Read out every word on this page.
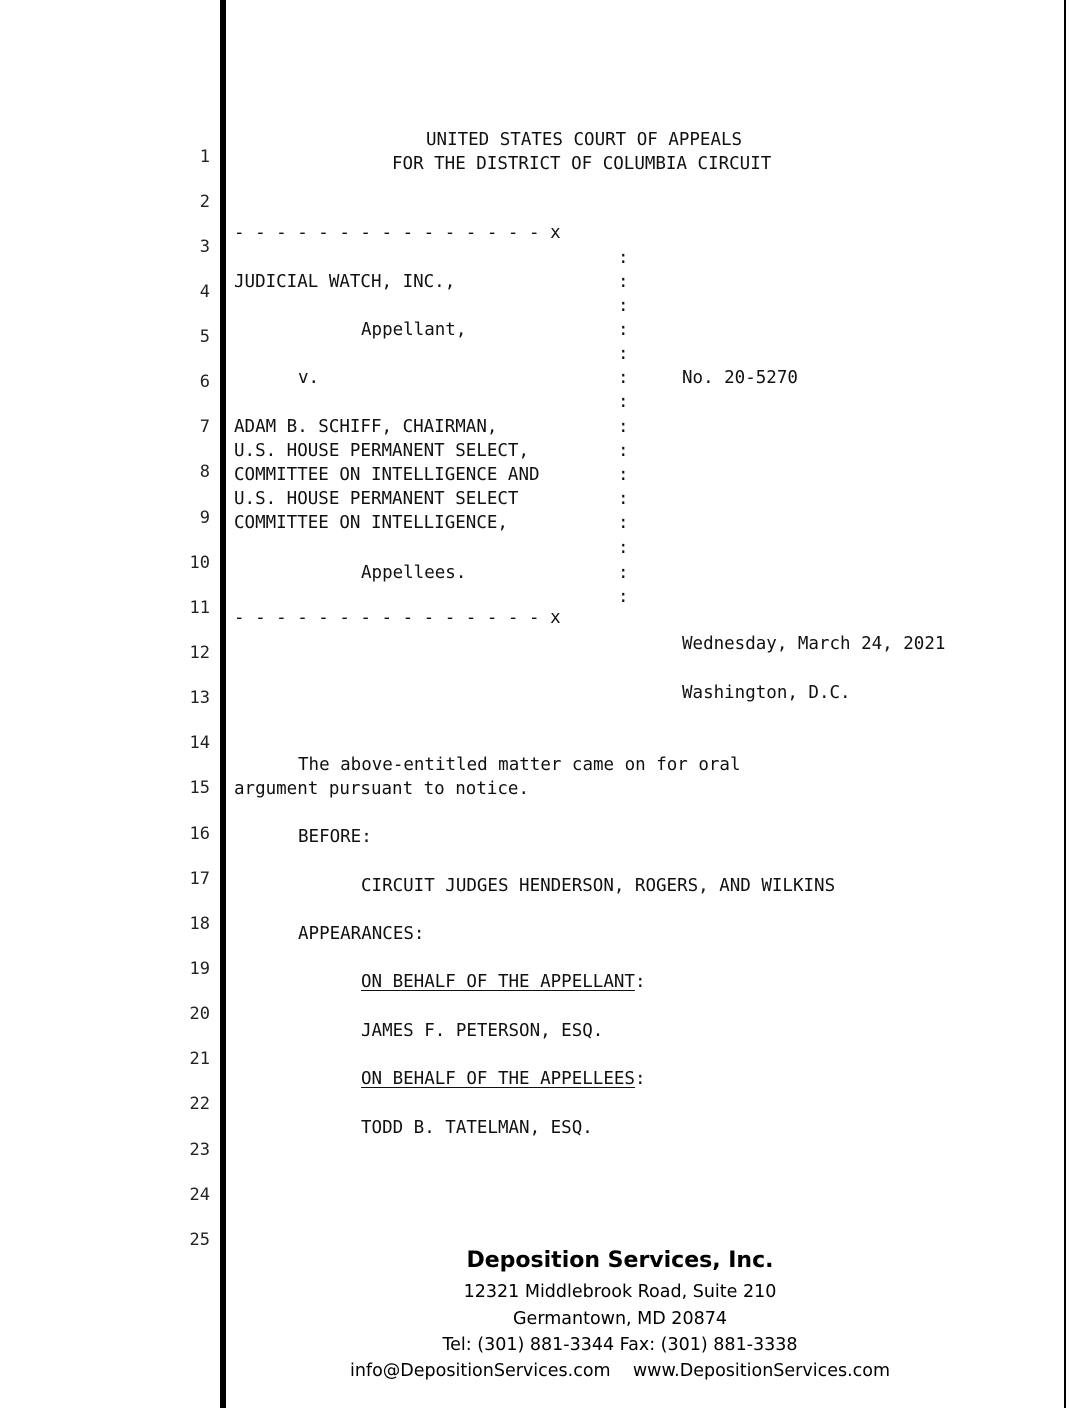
1
2
3
4
5
6
7
8
9
10
11
12
13
14
15
16
17
18
19
20
21
22
23
24
25
UNITED STATES COURT OF APPEALS
FOR THE DISTRICT OF COLUMBIA CIRCUIT
- - - - - - - - - - - - - - - x
JUDICIAL WATCH, INC.,
Appellant,
v.	No. 20-5270
ADAM B. SCHIFF, CHAIRMAN,
U.S. HOUSE PERMANENT SELECT,
COMMITTEE ON INTELLIGENCE AND
U.S. HOUSE PERMANENT SELECT
COMMITTEE ON INTELLIGENCE,
Appellees.
- - - - - - - - - - - - - - - x
:
:
:
:
:
:
:
:
:
:
:
:
:
:
:
Wednesday, March 24, 2021
Washington, D.C.
The above-entitled matter came on for oral
argument pursuant to notice.
BEFORE:
CIRCUIT JUDGES HENDERSON, ROGERS, AND WILKINS
APPEARANCES:
ON BEHALF OF THE APPELLANT:
JAMES F. PETERSON, ESQ.
ON BEHALF OF THE APPELLEES:
TODD B. TATELMAN, ESQ.
Deposition Services, Inc.
12321 Middlebrook Road, Suite 210
Germantown, MD 20874
Tel: (301) 881-3344 Fax: (301) 881-3338
info@DepositionServices.com    www.DepositionServices.com
